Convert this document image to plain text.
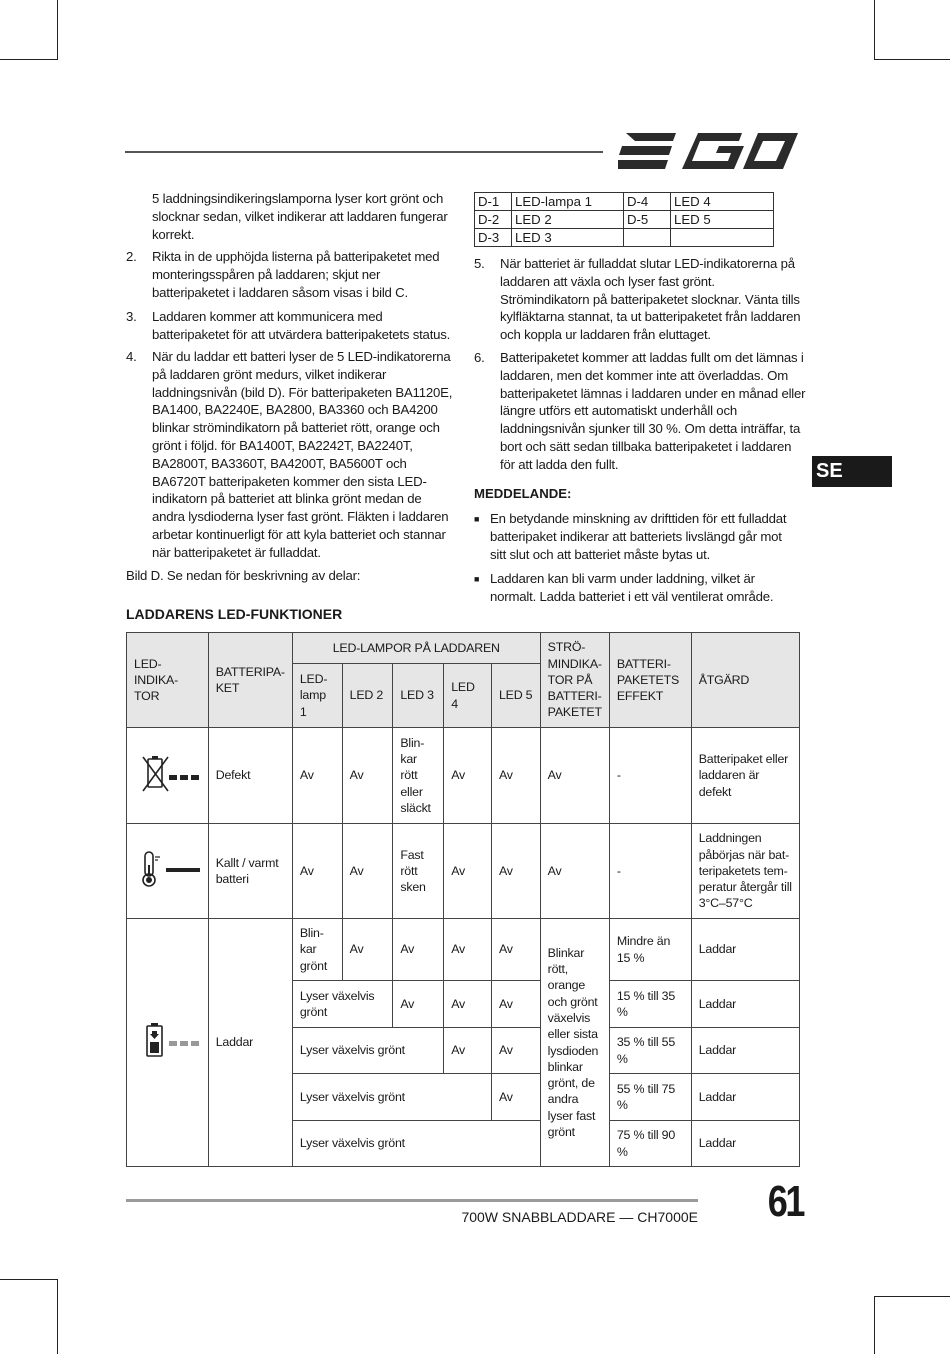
5 laddningsindikeringslamporna lyser kort grönt och slocknar sedan, vilket indikerar att laddaren fungerar korrekt.
2. Rikta in de upphöjda listerna på batteripaketet med monteringsspåren på laddaren; skjut ner batteripaketet i laddaren såsom visas i bild C.
3. Laddaren kommer att kommunicera med batteripaketet för att utvärdera batteripaketets status.
4. När du laddar ett batteri lyser de 5 LED-indikatorerna på laddaren grönt medurs, vilket indikerar laddningsnivån (bild D). För batteripaketen BA1120E, BA1400, BA2240E, BA2800, BA3360 och BA4200 blinkar strömindikatorn på batteriet rött, orange och grönt i följd. för BA1400T, BA2242T, BA2240T, BA2800T, BA3360T, BA4200T, BA5600T och BA6720T batteripaketen kommer den sista LED-indikatorn på batteriet att blinka grönt medan de andra lysdioderna lyser fast grönt. Fläkten i laddaren arbetar kontinuerligt för att kyla batteriet och stannar när batteripaketet är fulladdat.
Bild D. Se nedan för beskrivning av delar:
D-1	LED-lampa 1	D-4	LED 4
D-2	LED 2	D-5	LED 5
D-3	LED 3		
5. När batteriet är fulladdat slutar LED-indikatorerna på laddaren att växla och lyser fast grönt. Strömindikatorn på batteripaketet slocknar. Vänta tills kylfläktarna stannat, ta ut batteripaketet från laddaren och koppla ur laddaren från eluttaget.
6. Batteripaketet kommer att laddas fullt om det lämnas i laddaren, men det kommer inte att överladdas. Om batteripaketet lämnas i laddaren under en månad eller längre utförs ett automatiskt underhåll och laddningsnivån sjunker till 30 %. Om detta inträffar, ta bort och sätt sedan tillbaka batteripaketet i laddaren för att ladda den fullt.
MEDDELANDE:
■ En betydande minskning av drifttiden för ett fulladdat batteripaket indikerar att batteriets livslängd går mot sitt slut och att batteriet måste bytas ut.
■ Laddaren kan bli varm under laddning, vilket är normalt. Ladda batteriet i ett väl ventilerat område.
SE
LADDARENS LED-FUNKTIONER
LED-INDIKA-TOR	BATTERIPA-KET	LED-LAMPOR PÅ LADDAREN					STRÖ-MINDIKA-TOR PÅ BATTERI-PAKETET	BATTERI-PAKETETS EFFEKT	ÅTGÄRD
		LED-lamp 1	LED 2	LED 3	LED 4	LED 5			
	Defekt	Av	Av	Blin-kar rött eller släckt	Av	Av	Av	-	Batteripaket eller laddaren är defekt
	Kallt / varmt batteri	Av	Av	Fast rött sken	Av	Av	Av	-	Laddningen påbörjas när bat-teripaketets tem-peratur återgår till 3°C–57°C
	Laddar	Blin-kar grönt	Av	Av	Av	Av	Blinkar rött, orange och grönt växelvis eller sista lysdioden blinkar grönt, de andra lyser fast grönt	Mindre än 15 %	Laddar
		Lyser växelvis grönt		Av	Av	Av		15 % till 35 %	Laddar
		Lyser växelvis grönt			Av	Av		35 % till 55 %	Laddar
		Lyser växelvis grönt				Av		55 % till 75 %	Laddar
		Lyser växelvis grönt						75 % till 90 %	Laddar
700W SNABBLADDARE — CH7000E 61
